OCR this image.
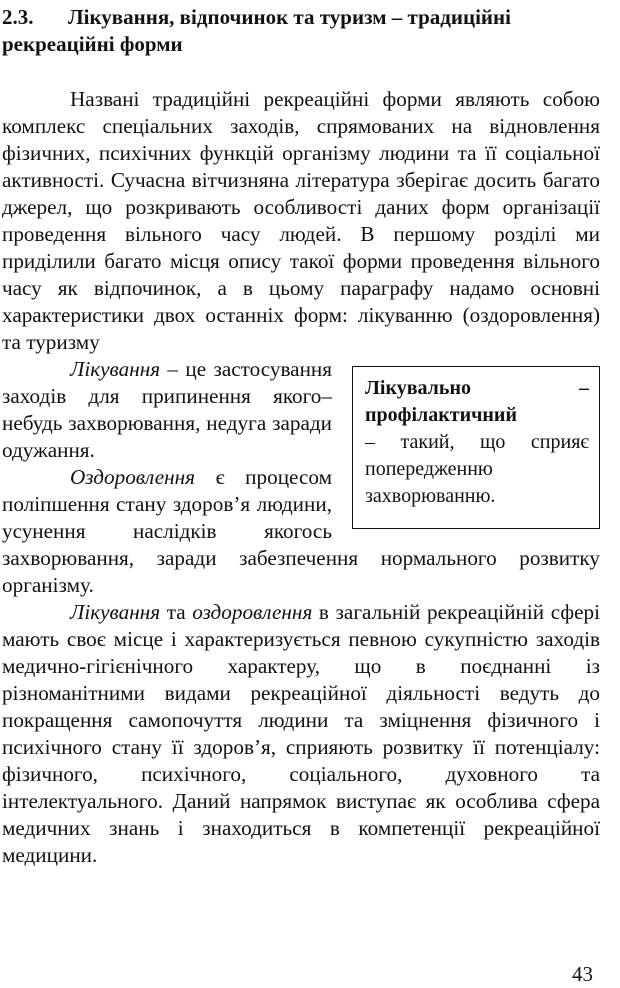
2.3. Лікування, відпочинок та туризм – традиційні
рекреаційні форми

Названі традиційні рекреаційні форми являють собою комплекс спеціальних заходів, спрямованих на відновлення фізичних, психічних функцій організму людини та її соціальної активності. Сучасна вітчизняна література зберігає досить багато джерел, що розкривають особливості даних форм організації проведення вільного часу людей. В першому розділі ми приділили багато місця опису такої форми проведення вільного часу як відпочинок, а в цьому параграфу надамо основні характеристики двох останніх форм: лікуванню (оздоровлення) та туризму

Лікувально –
профілактичний
– такий, що сприяє попередженню захворюванню.

Лікування – це застосування заходів для припинення якого–небудь захворювання, недуга заради одужання.

Оздоровлення є процесом поліпшення стану здоров’я людини, усунення наслідків якогось захворювання, заради забезпечення нормального розвитку організму.

Лікування та оздоровлення в загальній рекреаційній сфері мають своє місце і характеризується певною сукупністю заходів медично-гігієнічного характеру, що в поєднанні із різноманітними видами рекреаційної діяльності ведуть до покращення самопочуття людини та зміцнення фізичного і психічного стану її здоров’я, сприяють розвитку її потенціалу: фізичного, психічного, соціального, духовного та інтелектуального. Даний напрямок виступає як особлива сфера медичних знань і знаходиться в компетенції рекреаційної медицини.

43
